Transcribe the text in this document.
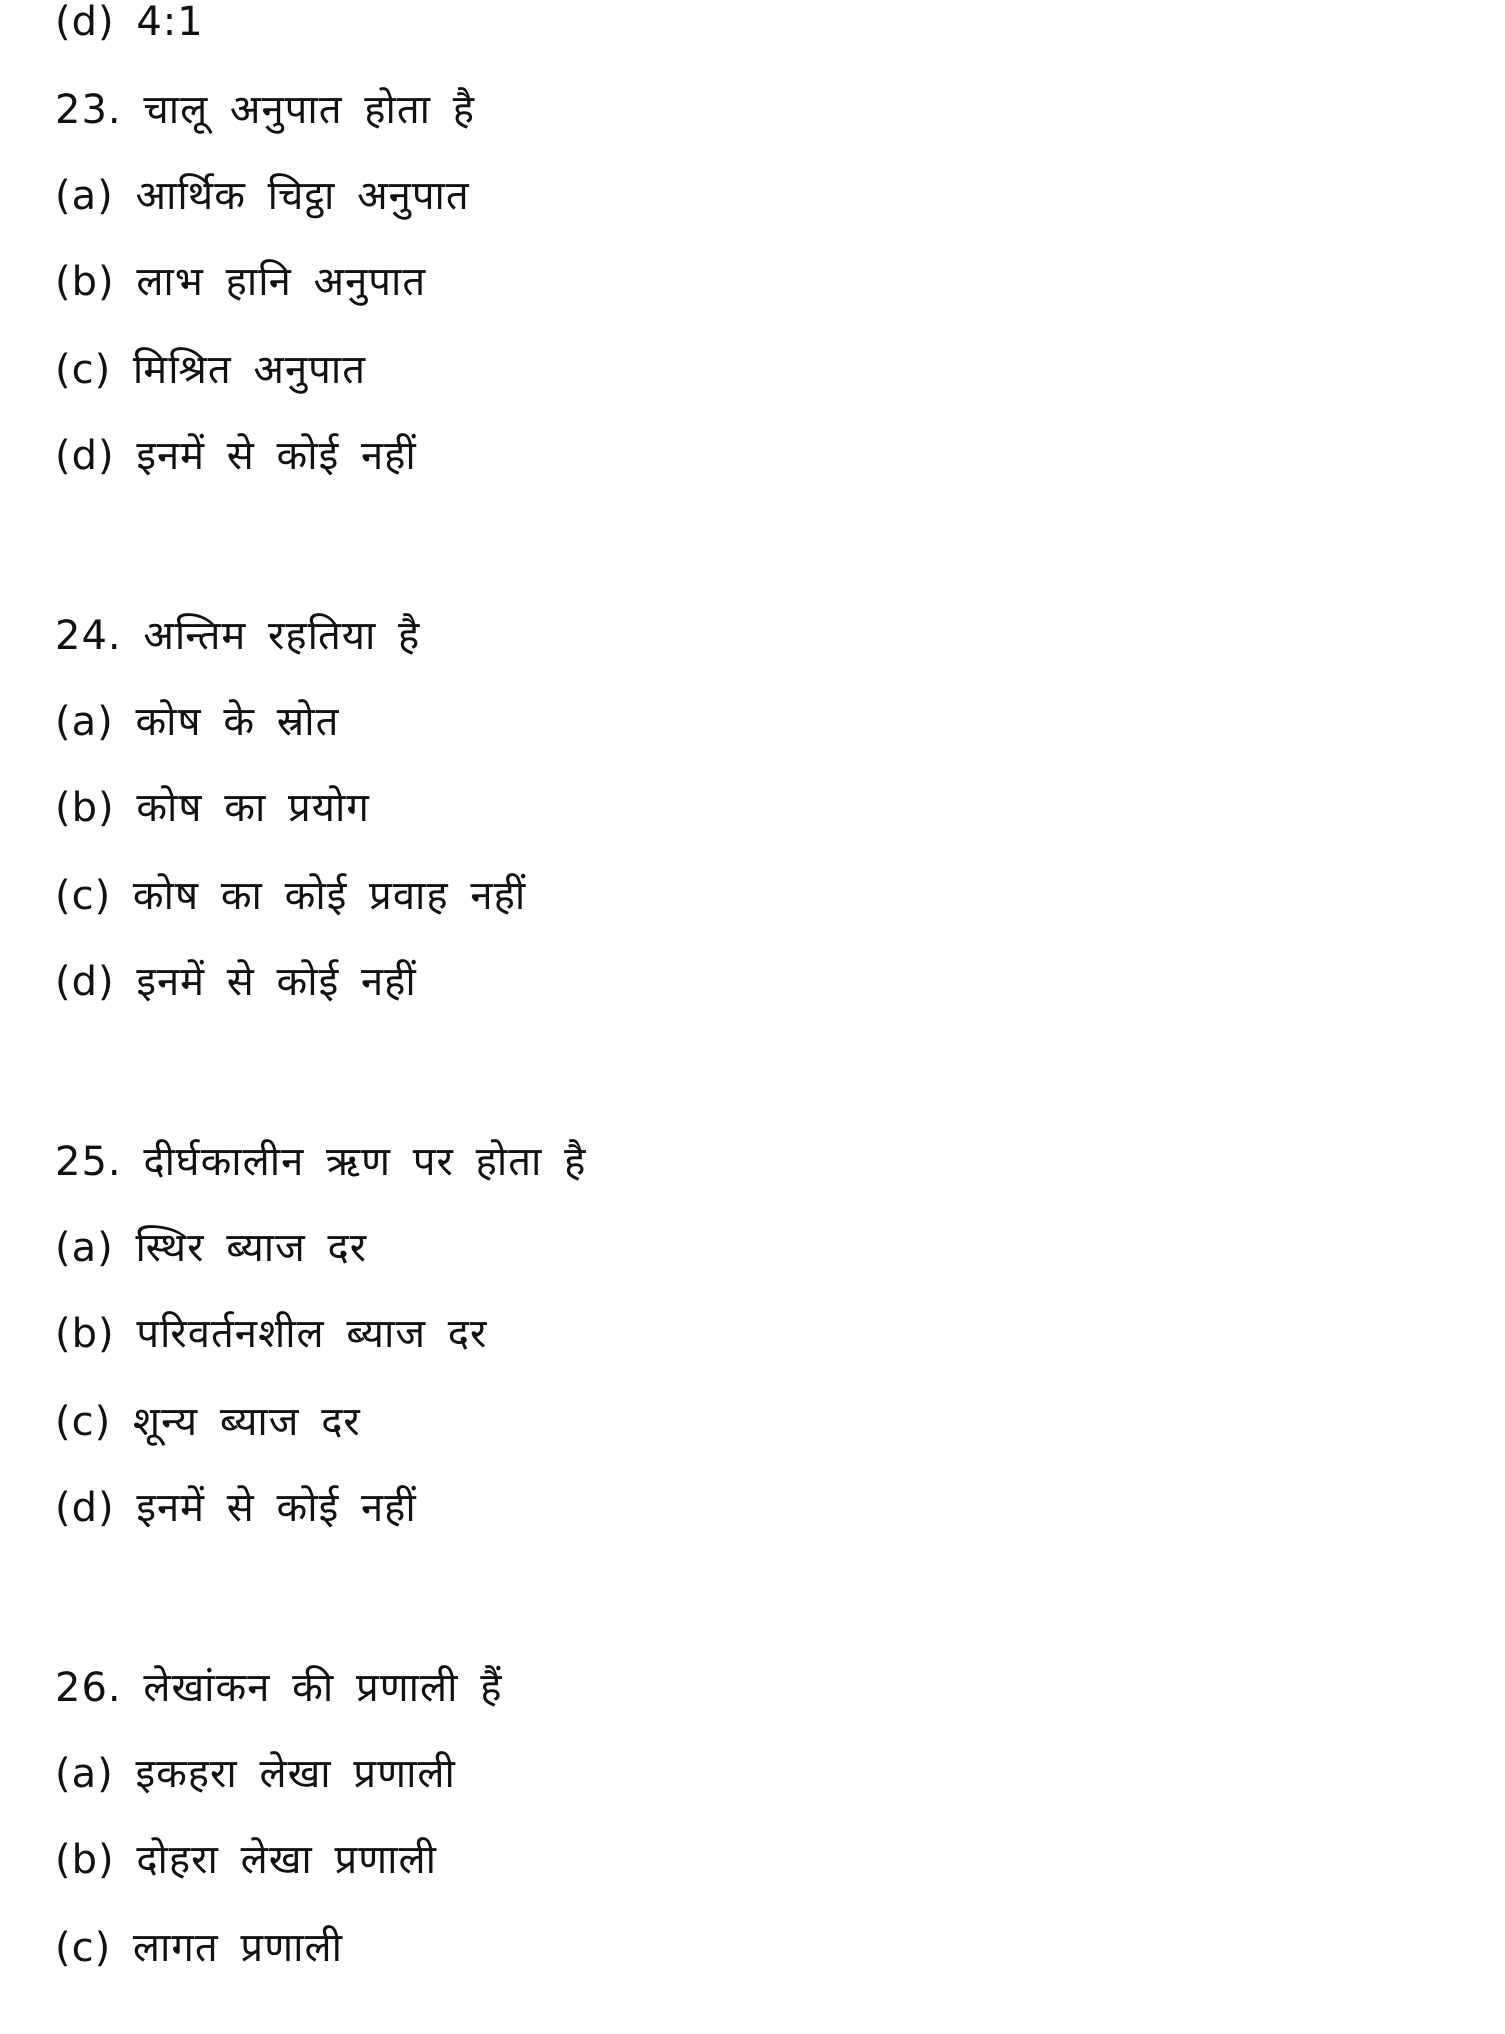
(d) 4:1
23. चालू अनुपात होता है
(a) आर्थिक चिट्ठा अनुपात
(b) लाभ हानि अनुपात
(c) मिश्रित अनुपात
(d) इनमें से कोई नहीं
24. अन्तिम रहतिया है
(a) कोष के स्रोत
(b) कोष का प्रयोग
(c) कोष का कोई प्रवाह नहीं
(d) इनमें से कोई नहीं
25. दीर्घकालीन ऋण पर होता है
(a) स्थिर ब्याज दर
(b) परिवर्तनशील ब्याज दर
(c) शून्य ब्याज दर
(d) इनमें से कोई नहीं
26. लेखांकन की प्रणाली हैं
(a) इकहरा लेखा प्रणाली
(b) दोहरा लेखा प्रणाली
(c) लागत प्रणाली
